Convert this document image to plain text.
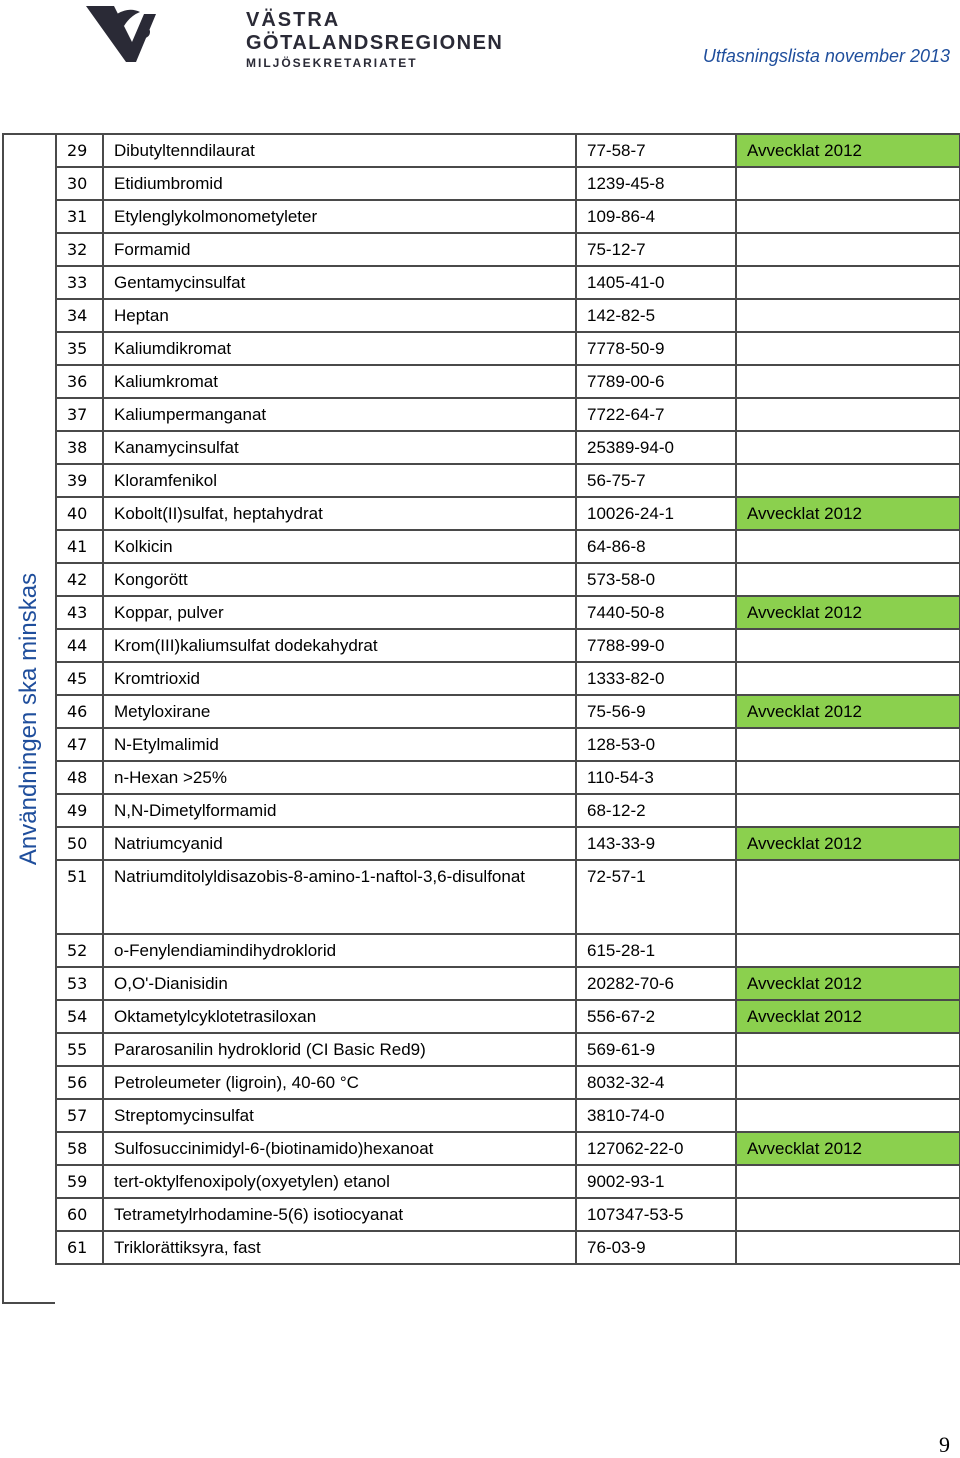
VÄSTRA
GÖTALANDSREGIONEN
MILJÖSEKRETARIATET	Utfasningslista november 2013
Användningen ska minskas
29	Dibutyltenndilaurat	77-58-7	Avvecklat 2012
30	Etidiumbromid	1239-45-8	
31	Etylenglykolmonometyleter	109-86-4	
32	Formamid	75-12-7	
33	Gentamycinsulfat	1405-41-0	
34	Heptan	142-82-5	
35	Kaliumdikromat	7778-50-9	
36	Kaliumkromat	7789-00-6	
37	Kaliumpermanganat	7722-64-7	
38	Kanamycinsulfat	25389-94-0	
39	Kloramfenikol	56-75-7	
40	Kobolt(II)sulfat, heptahydrat	10026-24-1	Avvecklat 2012
41	Kolkicin	64-86-8	
42	Kongorött	573-58-0	
43	Koppar, pulver	7440-50-8	Avvecklat 2012
44	Krom(III)kaliumsulfat dodekahydrat	7788-99-0	
45	Kromtrioxid	1333-82-0	
46	Metyloxirane	75-56-9	Avvecklat 2012
47	N-Etylmalimid	128-53-0	
48	n-Hexan >25%	110-54-3	
49	N,N-Dimetylformamid	68-12-2	
50	Natriumcyanid	143-33-9	Avvecklat 2012
51	Natriumditolyldisazobis-8-amino-1-naftol-3,6-disulfonat	72-57-1	
52	o-Fenylendiamindihydroklorid	615-28-1	
53	O,O'-Dianisidin	20282-70-6	Avvecklat 2012
54	Oktametylcyklotetrasiloxan	556-67-2	Avvecklat 2012
55	Pararosanilin hydroklorid (CI Basic Red9)	569-61-9	
56	Petroleumeter (ligroin), 40-60 °C	8032-32-4	
57	Streptomycinsulfat	3810-74-0	
58	Sulfosuccinimidyl-6-(biotinamido)hexanoat	127062-22-0	Avvecklat 2012
59	tert-oktylfenoxipoly(oxyetylen) etanol	9002-93-1	
60	Tetrametylrhodamine-5(6) isotiocyanat	107347-53-5	
61	Triklorättiksyra, fast	76-03-9	
9
